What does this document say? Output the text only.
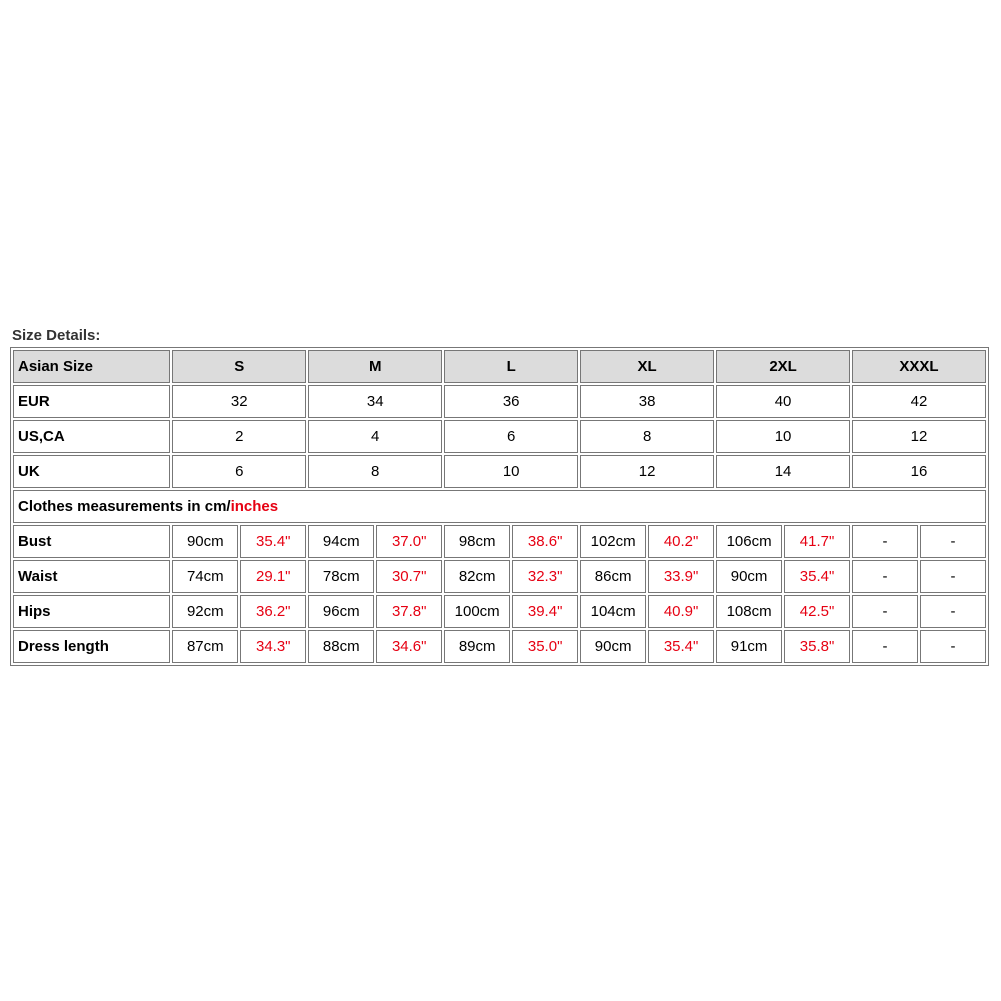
Size Details:
Asian Size	S		M		L		XL		2XL		XXXL	
EUR	32		34		36		38		40		42	
US,CA	2		4		6		8		10		12	
UK	6		8		10		12		14		16	
Clothes measurements in cm/inches												
Bust	90cm	35.4"	94cm	37.0"	98cm	38.6"	102cm	40.2"	106cm	41.7"	-	-
Waist	74cm	29.1"	78cm	30.7"	82cm	32.3"	86cm	33.9"	90cm	35.4"	-	-
Hips	92cm	36.2"	96cm	37.8"	100cm	39.4"	104cm	40.9"	108cm	42.5"	-	-
Dress length	87cm	34.3"	88cm	34.6"	89cm	35.0"	90cm	35.4"	91cm	35.8"	-	-
